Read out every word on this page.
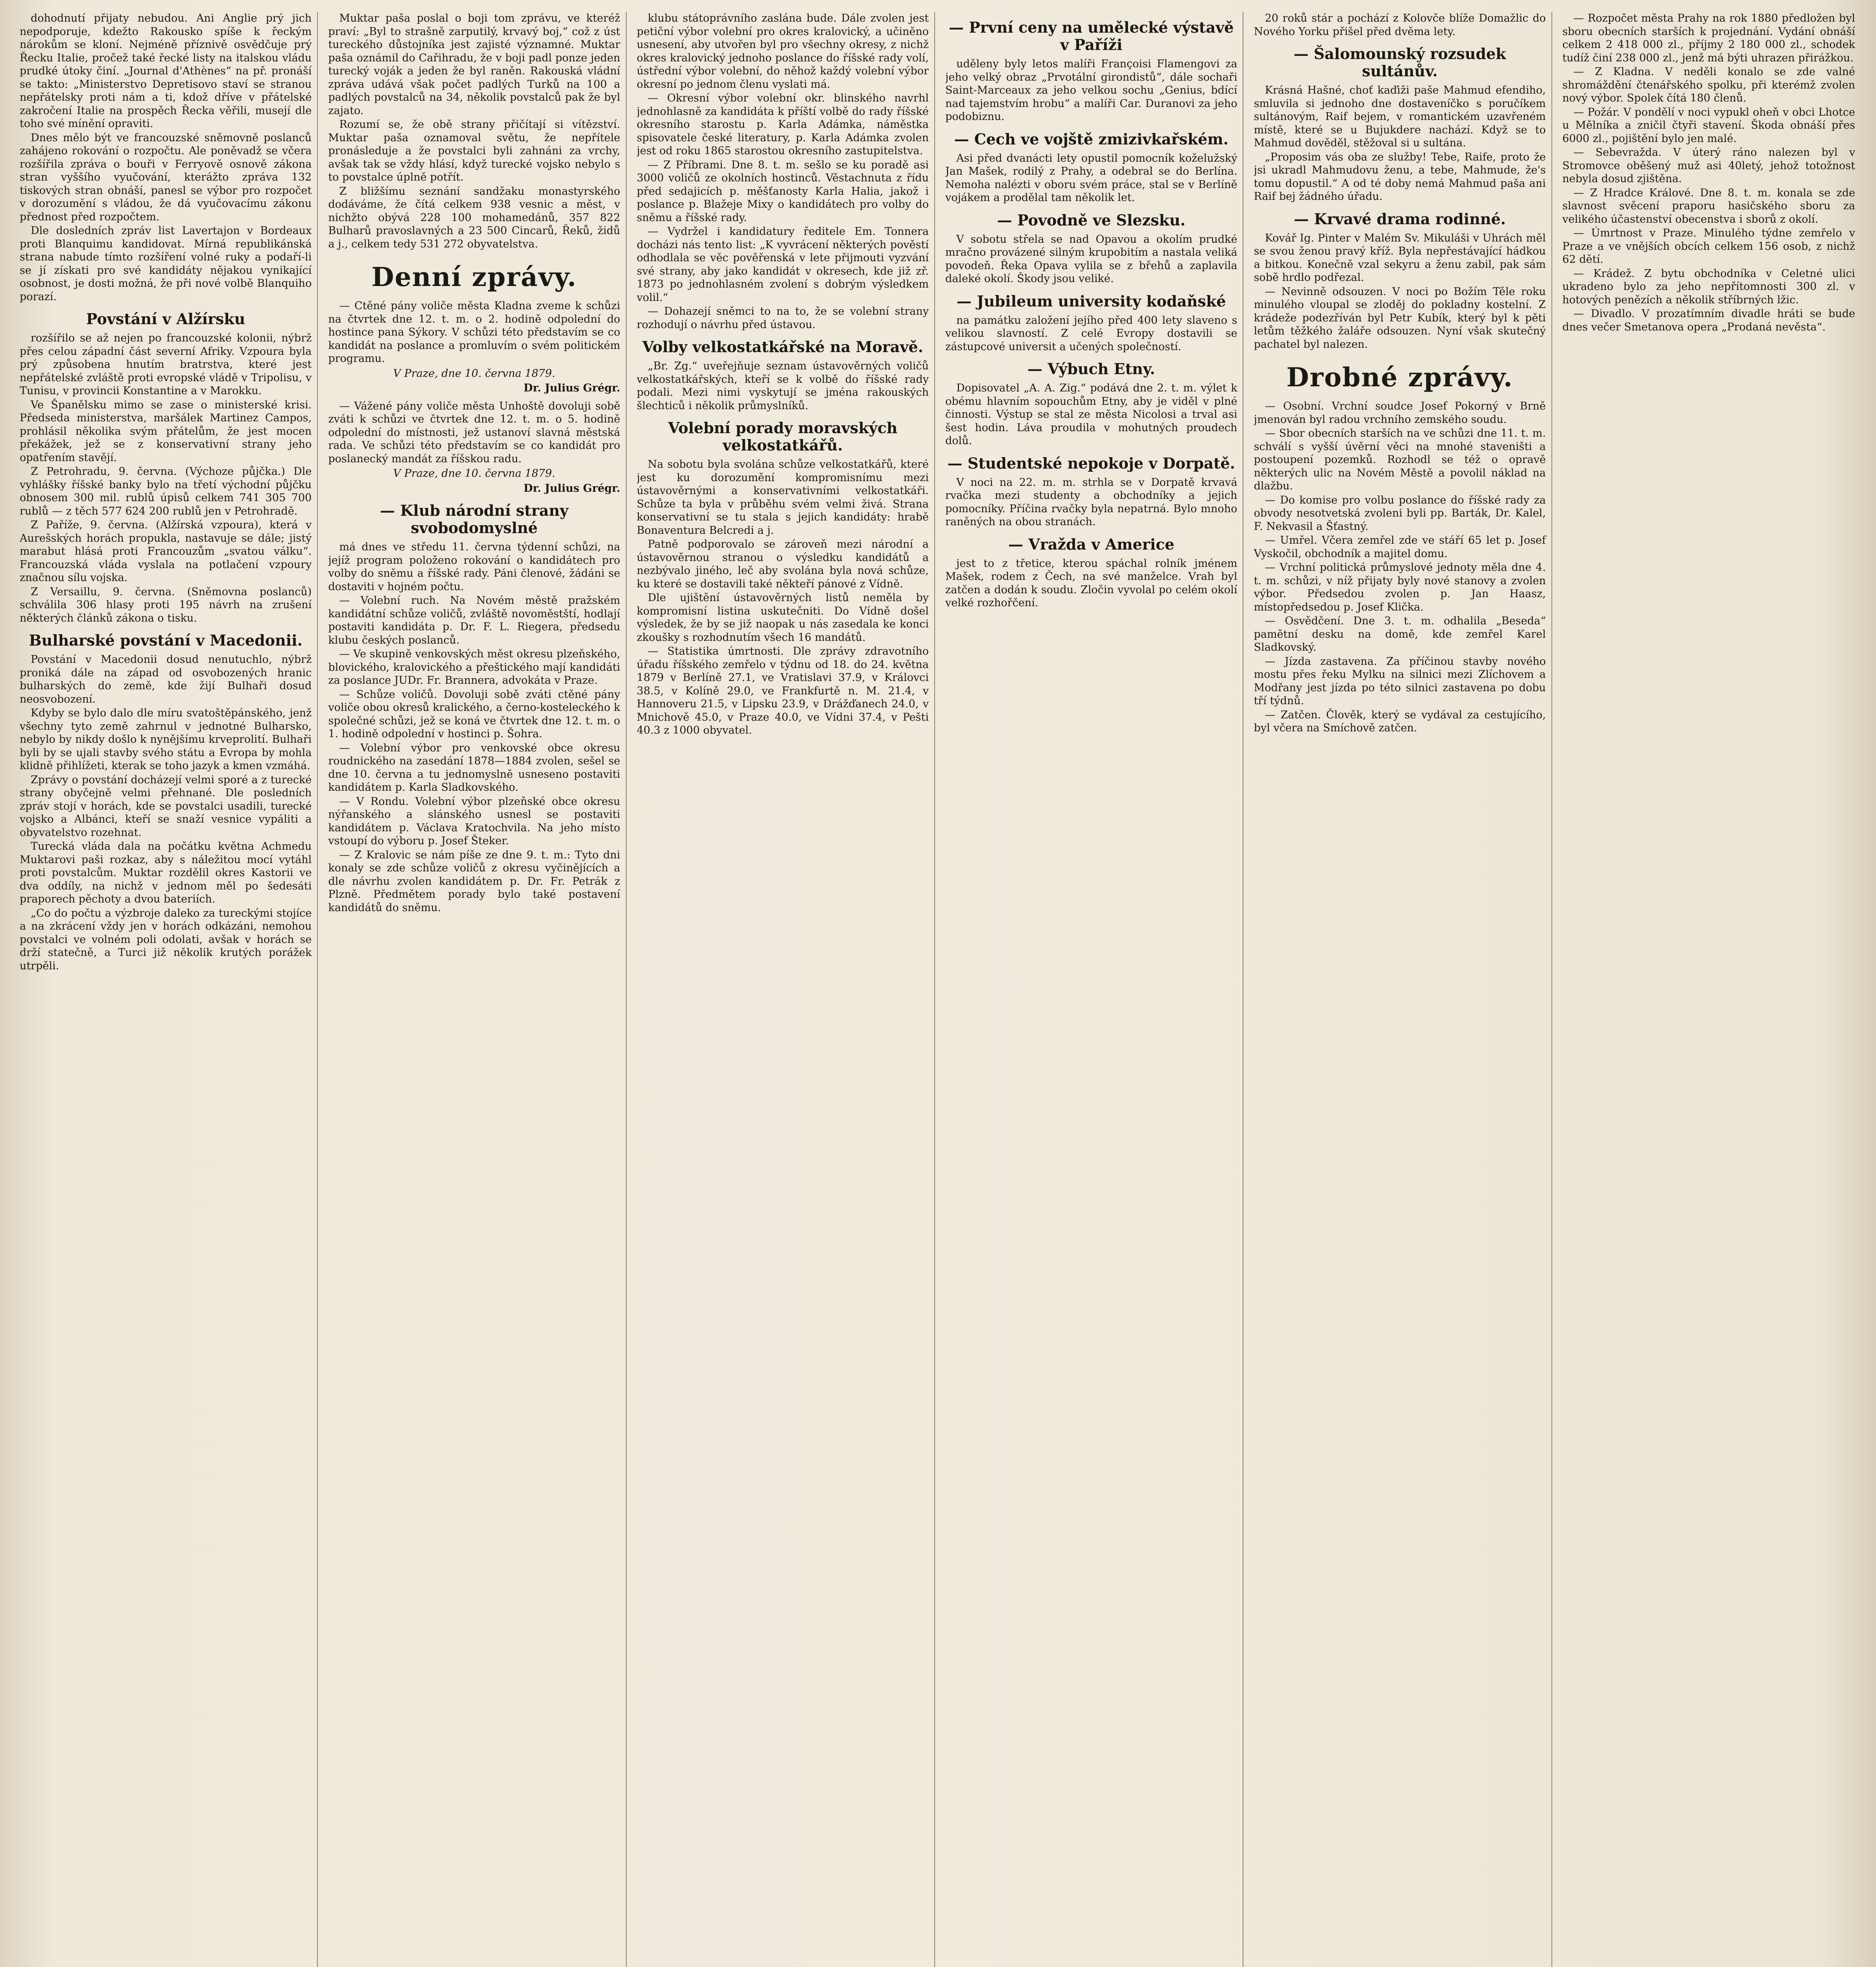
dohodnutí přijaty nebudou. Ani Anglie prý jich nepodporuje, kdežto Rakousko spíše k řeckým nárokům se kloní. Nejméně příznivě osvědčuje prý Řecku Italie, pročež také řecké listy na italskou vládu prudké útoky činí. „Journal d'Athènes“ na př. pronáší se takto: „Ministerstvo Depretisovo staví se stranou nepřátelsky proti nám a ti, kdož dříve v přátelské zakročení Italie na prospěch Řecka věřili, musejí dle toho své mínění opraviti.

Dnes mělo být ve francouzské sněmovně poslanců zahájeno rokování o rozpočtu. Ale poněvadž se včera rozšířila zpráva o bouři v Ferryově osnově zákona stran vyššího vyučování, kterážto zpráva 132 tiskových stran obnáší, panesl se výbor pro rozpočet v dorozumění s vládou, že dá vyučovacímu zákonu přednost před rozpočtem.

Dle dosledních zpráv list Lavertajon v Bordeaux proti Blanquimu kandidovat. Mírná republikánská strana nabude tímto rozšíření volné ruky a podaří-li se jí získati pro své kandidáty nějakou vynikající osobnost, je dosti možná, že při nové volbě Blanquiho porazí.

Povstání v Alžírsku

rozšířilo se až nejen po francouzské kolonii, nýbrž přes celou západní část severní Afriky. Vzpoura byla prý způsobena hnutím bratrstva, které jest nepřátelské zvláště proti evropské vládě v Tripolisu, v Tunisu, v provincii Konstantine a v Marokku.

Ve Španělsku mimo se zase o ministerské krisi. Předseda ministerstva, maršálek Martinez Campos, prohlásil několika svým přátelům, že jest mocen překážek, jež se z konservativní strany jeho opatřením stavějí.

Z Petrohradu, 9. června. (Výchoze půjčka.) Dle vyhlášky říšské banky bylo na třetí východní půjčku obnosem 300 mil. rublů úpisů celkem 741 305 700 rublů — z těch 577 624 200 rublů jen v Petrohradě.

Z Paříže, 9. června. (Alžírská vzpoura), která v Aurešských horách propukla, nastavuje se dále; jistý marabut hlásá proti Francouzům „svatou válku“. Francouzská vláda vyslala na potlačení vzpoury značnou sílu vojska.

Z Versaillu, 9. června. (Sněmovna poslanců) schválila 306 hlasy proti 195 návrh na zrušení některých článků zákona o tisku.

Bulharské povstání v Macedonii.

Povstání v Macedonii dosud nenutuchlo, nýbrž proniká dále na západ od osvobozených hranic bulharských do země, kde žijí Bulhaři dosud neosvobození.

Kdyby se bylo dalo dle míru svatoštěpánského, jenž všechny tyto země zahrnul v jednotné Bulharsko, nebylo by nikdy došlo k nynějšímu krveprolití. Bulhaři byli by se ujali stavby svého státu a Evropa by mohla klidně přihlížeti, kterak se toho jazyk a kmen vzmáhá.

Zprávy o povstání docházejí velmi sporé a z turecké strany obyčejně velmi přehnané. Dle posledních zpráv stojí v horách, kde se povstalci usadili, turecké vojsko a Albánci, kteří se snaží vesnice vypáliti a obyvatelstvo rozehnat.

Turecká vláda dala na počátku května Achmedu Muktarovi paši rozkaz, aby s náležitou mocí vytáhl proti povstalcům. Muktar rozdělil okres Kastorii ve dva oddíly, na nichž v jednom měl po šedesáti praporech pěchoty a dvou bateriích.

„Co do počtu a výzbroje daleko za tureckými stojíce a na zkrácení vždy jen v horách odkázáni, nemohou povstalci ve volném poli odolati, avšak v horách se drží statečně, a Turci již několik krutých porážek utrpěli.

Muktar paša poslal o boji tom zprávu, ve kteréž praví: „Byl to strašně zarputilý, krvavý boj,“ což z úst tureckého důstojníka jest zajisté významné. Muktar paša oznámil do Cařihradu, že v boji padl ponze jeden turecký voják a jeden že byl raněn. Rakouská vládní zpráva udává však počet padlých Turků na 100 a padlých povstalců na 34, několik povstalců pak že byl zajato.

Rozumí se, že obě strany přičítají si vítězství. Muktar paša oznamoval světu, že nepřítele pronásleduje a že povstalci byli zahnáni za vrchy, avšak tak se vždy hlásí, když turecké vojsko nebylo s to povstalce úplně potřít.

Z bližšímu seznání sandžaku monastyrského dodáváme, že čítá celkem 938 vesnic a měst, v nichžto obývá 228 100 mohamedánů, 357 822 Bulharů pravoslavných a 23 500 Cincarů, Řeků, židů a j., celkem tedy 531 272 obyvatelstva.

Denní zprávy.

— Ctěné pány voliče města Kladna zveme k schůzi na čtvrtek dne 12. t. m. o 2. hodině odpolední do hostince pana Sýkory. V schůzi této představím se co kandidát na poslance a promluvím o svém politickém programu.

V Praze, dne 10. června 1879.
Dr. Julius Grégr.

— Vážené pány voliče města Unhoště dovoluji sobě zváti k schůzi ve čtvrtek dne 12. t. m. o 5. hodině odpolední do místnosti, jež ustanoví slavná městská rada. Ve schůzi této představím se co kandidát pro poslanecký mandát za říšskou radu.

V Praze, dne 10. června 1879.
Dr. Julius Grégr.
— Klub národní strany svobodomyslné

má dnes ve středu 11. června týdenní schůzi, na jejíž program položeno rokování o kandidátech pro volby do sněmu a říšské rady. Páni členové, žádáni se dostaviti v hojném počtu.

— Volební ruch. Na Novém městě pražském kandidátní schůze voličů, zvláště novoměstští, hodlají postaviti kandidáta p. Dr. F. L. Riegera, předsedu klubu českých poslanců.

— Ve skupině venkovských měst okresu plzeňského, blovického, kralovického a přeštického mají kandidáti za poslance JUDr. Fr. Brannera, advokáta v Praze.

— Schůze voličů. Dovoluji sobě zváti ctěné pány voliče obou okresů kralického, a černo-kosteleckého k společné schůzi, jež se koná ve čtvrtek dne 12. t. m. o 1. hodině odpolední v hostinci p. Šohra.

— Volební výbor pro venkovské obce okresu roudnického na zasedání 1878—1884 zvolen, sešel se dne 10. června a tu jednomyslně usneseno postaviti kandidátem p. Karla Sladkovského.

— V Rondu. Volební výbor plzeňské obce okresu nýřanského a slánského usnesl se postaviti kandidátem p. Václava Kratochvila. Na jeho místo vstoupí do výboru p. Josef Šteker.

— Z Kralovic se nám píše ze dne 9. t. m.: Tyto dni konaly se zde schůze voličů z okresu vyčinějících a dle návrhu zvolen kandidátem p. Dr. Fr. Petrák z Plzně. Předmětem porady bylo také postavení kandidátů do sněmu.

klubu státoprávního zaslána bude. Dále zvolen jest petiční výbor volební pro okres kralovický, a učiněno usnesení, aby utvořen byl pro všechny okresy, z nichž okres kralovický jednoho poslance do říšské rady volí, ústřední výbor volební, do něhož každý volební výbor okresní po jednom členu vyslati má.

— Okresní výbor volební okr. blinského navrhl jednohlasně za kandidáta k příští volbě do rady říšské okresního starostu p. Karla Adámka, náměstka spisovatele české literatury, p. Karla Adámka zvolen jest od roku 1865 starostou okresního zastupitelstva.

— Z Příbrami. Dne 8. t. m. sešlo se ku poradě asi 3000 voličů ze okolních hostinců. Věstachnuta z řídu před sedajicích p. měšťanosty Karla Halia, jakož i poslance p. Blažeje Mixy o kandidátech pro volby do sněmu a říšské rady.

— Vydržel i kandidatury ředitele Em. Tonnera docházi nás tento list: „K vyvrácení některých pověstí odhodlala se věc pověřenská v lete přijmouti vyzvání své strany, aby jako kandidát v okresech, kde již zř. 1873 po jednohlasném zvolení s dobrým výsledkem volil.“

— Dohazejí sněmci to na to, že se volební strany rozhodují o návrhu před ústavou.

Volby velkostatkářské na Moravě.

„Br. Zg.“ uveřejňuje seznam ústavověrných voličů velkostatkářských, kteří se k volbě do říšské rady podali. Mezi nimi vyskytují se jména rakouských šlechticů i několik průmyslníků.

Volební porady moravských velkostatkářů.

Na sobotu byla svolána schůze velkostatkářů, které jest ku dorozumění kompromisnímu mezi ústavověrnými a konservativními velkostatkáři. Schůze ta byla v průběhu svém velmi živá. Strana konservativní se tu stala s jejich kandidáty: hrabě Bonaventura Belcredi a j.

Patně podporovalo se zároveň mezi národní a ústavověrnou stranou o výsledku kandidátů a nezbývalo jiného, leč aby svolána byla nová schůze, ku které se dostavili také někteří pánové z Vídně.

Dle ujištění ústavověrných listů neměla by kompromisní listina uskutečniti. Do Vídně došel výsledek, že by se již naopak u nás zasedala ke konci zkoušky s rozhodnutím všech 16 mandátů.

— Statistika úmrtnosti. Dle zprávy zdravotního úřadu říšského zemřelo v týdnu od 18. do 24. května 1879 v Berlíně 27.1, ve Vratislavi 37.9, v Královci 38.5, v Kolíně 29.0, ve Frankfurtě n. M. 21.4, v Hannoveru 21.5, v Lipsku 23.9, v Drážďanech 24.0, v Mnichově 45.0, v Praze 40.0, ve Vídni 37.4, v Pešti 40.3 z 1000 obyvatel.

— První ceny na umělecké výstavě v Paříži

uděleny byly letos malíři Françoisi Flamengovi za jeho velký obraz „Prvotální girondistů“, dále sochaři Saint-Marceaux za jeho velkou sochu „Genius, bdící nad tajemstvím hrobu“ a malíři Car. Duranovi za jeho podobiznu.

— Cech ve vojště zmizivkařském.

Asi před dvanácti lety opustil pomocník koželužský Jan Mašek, rodilý z Prahy, a odebral se do Berlína. Nemoha nalézti v oboru svém práce, stal se v Berlíně vojákem a prodělal tam několik let.

— Povodně ve Slezsku.

V sobotu střela se nad Opavou a okolím prudké mračno provázené silným krupobitím a nastala veliká povodeň. Řeka Opava vylila se z břehů a zaplavila daleké okolí. Škody jsou veliké.

— Jubileum university kodaňské

na památku založení jejího před 400 lety slaveno s velikou slavností. Z celé Evropy dostavili se zástupcové universit a učených společností.

— Výbuch Etny.

Dopisovatel „A. A. Zig.“ podává dne 2. t. m. výlet k obému hlavním sopouchům Etny, aby je viděl v plné činnosti. Výstup se stal ze města Nicolosi a trval asi šest hodin. Láva proudila v mohutných proudech dolů.

— Studentské nepokoje v Dorpatě.

V noci na 22. m. m. strhla se v Dorpatě krvavá rvačka mezi studenty a obchodníky a jejich pomocníky. Příčina rvačky byla nepatrná. Bylo mnoho raněných na obou stranách.

— Vražda v Americe

jest to z třetice, kterou spáchal rolník jménem Mašek, rodem z Čech, na své manželce. Vrah byl zatčen a dodán k soudu. Zločin vyvolal po celém okolí velké rozhořčení.

20 roků stár a pochází z Kolovče blíže Domažlic do Nového Yorku přišel před dvěma lety.

— Šalomounský rozsudek sultánův.

Krásná Hašné, choť kaďiži paše Mahmud efendiho, smluvila si jednoho dne dostaveníčko s poručíkem sultánovým, Raif bejem, v romantickém uzavřeném místě, které se u Bujukdere nachází. Když se to Mahmud dověděl, stěžoval si u sultána.

„Proposim vás oba ze služby! Tebe, Raife, proto že jsi ukradl Mahmudovu ženu, a tebe, Mahmude, že's tomu dopustil.“ A od té doby nemá Mahmud paša ani Raif bej žádného úřadu.

— Krvavé drama rodinné.

Kovář Ig. Pinter v Malém Sv. Mikuláši v Uhrách měl se svou ženou pravý kříž. Byla nepřestávající hádkou a bitkou. Konečně vzal sekyru a ženu zabil, pak sám sobě hrdlo podřezal.

— Nevinně odsouzen. V noci po Božím Těle roku minulého vloupal se zloděj do pokladny kostelní. Z krádeže podezříván byl Petr Kubík, který byl k pěti letům těžkého žaláře odsouzen. Nyní však skutečný pachatel byl nalezen.

Drobné zprávy.

— Osobní. Vrchní soudce Josef Pokorný v Brně jmenován byl radou vrchního zemského soudu.

— Sbor obecních starších na ve schůzi dne 11. t. m. schválí s vyšší úvěrní věci na mnohé staveništi a postoupení pozemků. Rozhodl se též o opravě některých ulic na Novém Městě a povolil náklad na dlažbu.

— Do komise pro volbu poslance do říšské rady za obvody nesotvetská zvoleni byli pp. Barták, Dr. Kalel, F. Nekvasil a Šťastný.

— Umřel. Včera zemřel zde ve stáří 65 let p. Josef Vyskočil, obchodník a majitel domu.

— Vrchní politická průmyslové jednoty měla dne 4. t. m. schůzi, v níž přijaty byly nové stanovy a zvolen výbor. Předsedou zvolen p. Jan Haasz, místopředsedou p. Josef Klička.

— Osvědčení. Dne 3. t. m. odhalila „Beseda“ pamětní desku na domě, kde zemřel Karel Sladkovský.

— Jízda zastavena. Za příčinou stavby nového mostu přes řeku Mylku na silnici mezi Zlíchovem a Modřany jest jízda po této silnici zastavena po dobu tří týdnů.

— Zatčen. Člověk, který se vydával za cestujícího, byl včera na Smíchově zatčen.

— Rozpočet města Prahy na rok 1880 předložen byl sboru obecních starších k projednání. Vydání obnáší celkem 2 418 000 zl., příjmy 2 180 000 zl., schodek tudíž činí 238 000 zl., jenž má býti uhrazen přirážkou.

— Z Kladna. V neděli konalo se zde valné shromáždění čtenářského spolku, při kterémž zvolen nový výbor. Spolek čítá 180 členů.

— Požár. V pondělí v noci vypukl oheň v obci Lhotce u Mělníka a zničil čtyři stavení. Škoda obnáší přes 6000 zl., pojištění bylo jen malé.

— Sebevražda. V úterý ráno nalezen byl v Stromovce oběšený muž asi 40letý, jehož totožnost nebyla dosud zjištěna.

— Z Hradce Králové. Dne 8. t. m. konala se zde slavnost svěcení praporu hasičského sboru za velikého účastenství obecenstva i sborů z okolí.

— Úmrtnost v Praze. Minulého týdne zemřelo v Praze a ve vnějších obcích celkem 156 osob, z nichž 62 dětí.

— Krádež. Z bytu obchodníka v Celetné ulici ukradeno bylo za jeho nepřítomnosti 300 zl. v hotových penězích a několik stříbrných lžic.

— Divadlo. V prozatímním divadle hráti se bude dnes večer Smetanova opera „Prodaná nevěsta“.
